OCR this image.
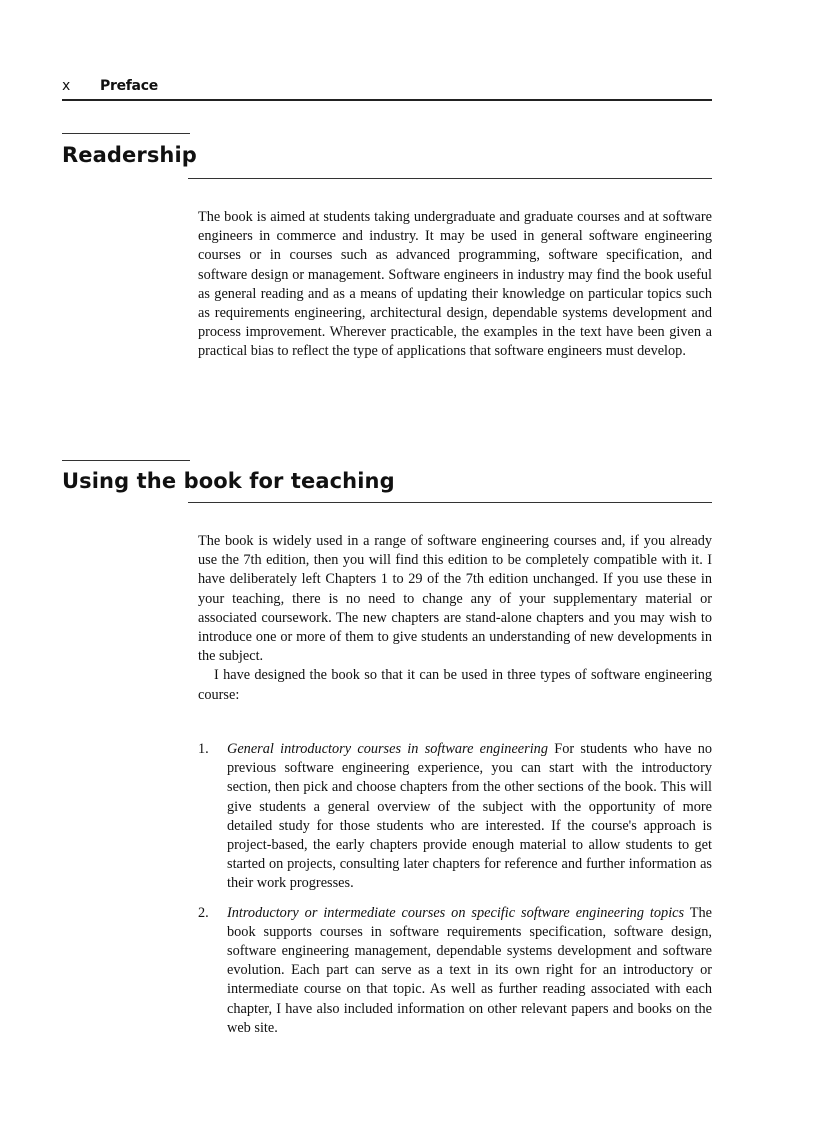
x Preface
Readership

The book is aimed at students taking undergraduate and graduate courses and at software engineers in commerce and industry. It may be used in general software engineering courses or in courses such as advanced programming, software specification, and software design or management. Software engineers in industry may find the book useful as general reading and as a means of updating their knowledge on particular topics such as requirements engineering, architectural design, dependable systems development and process improvement. Wherever practicable, the examples in the text have been given a practical bias to reflect the type of applications that software engineers must develop.

Using the book for teaching

The book is widely used in a range of software engineering courses and, if you already use the 7th edition, then you will find this edition to be completely compatible with it. I have deliberately left Chapters 1 to 29 of the 7th edition unchanged. If you use these in your teaching, there is no need to change any of your supplementary material or associated coursework. The new chapters are stand-alone chapters and you may wish to introduce one or more of them to give students an understanding of new developments in the subject.

I have designed the book so that it can be used in three types of software engineering course:

1. General introductory courses in software engineering For students who have no previous software engineering experience, you can start with the introductory section, then pick and choose chapters from the other sections of the book. This will give students a general overview of the subject with the opportunity of more detailed study for those students who are interested. If the course's approach is project-based, the early chapters provide enough material to allow students to get started on projects, consulting later chapters for reference and further information as their work progresses.
2. Introductory or intermediate courses on specific software engineering topics The book supports courses in software requirements specification, software design, software engineering management, dependable systems development and software evolution. Each part can serve as a text in its own right for an introductory or intermediate course on that topic. As well as further reading associated with each chapter, I have also included information on other relevant papers and books on the web site.
